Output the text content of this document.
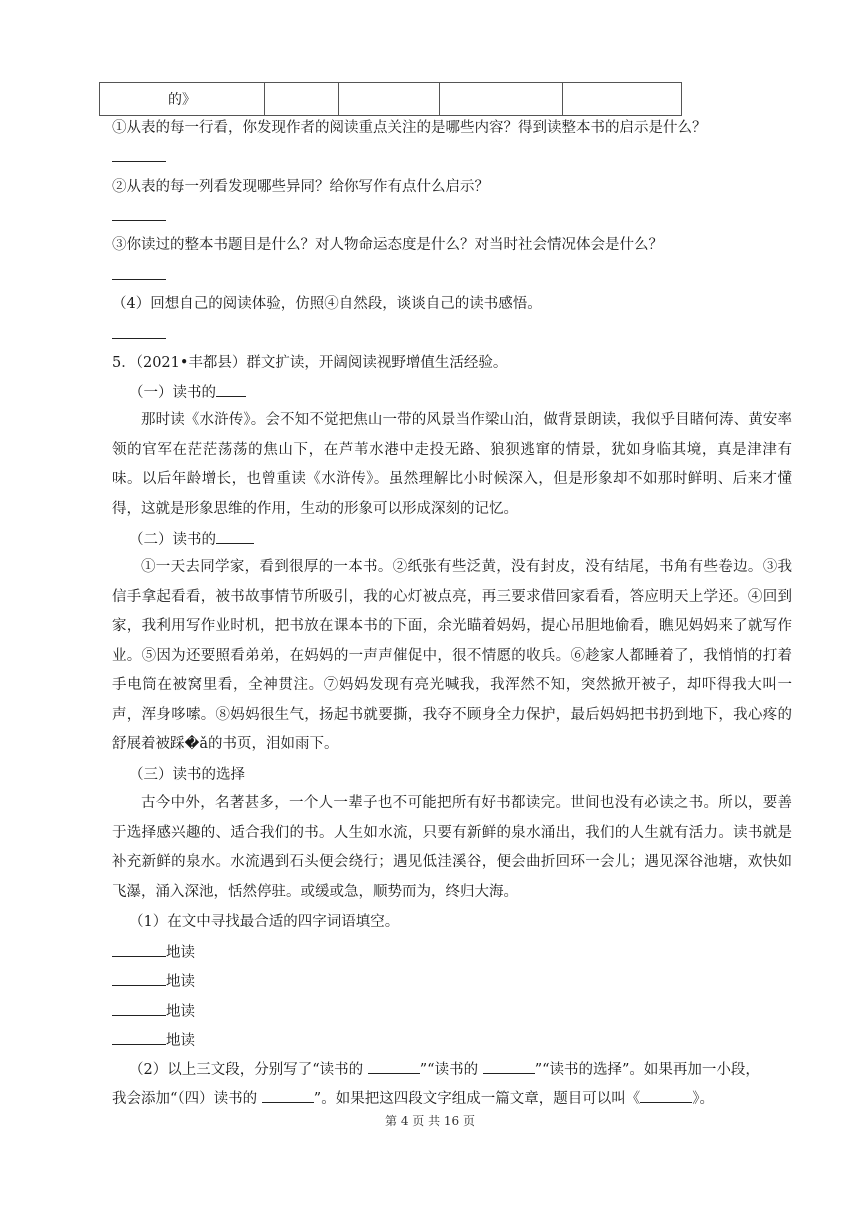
的》				
①从表的每一行看，你发现作者的阅读重点关注的是哪些内容？得到读整本书的启示是什么？
②从表的每一列看发现哪些异同？给你写作有点什么启示？
③你读过的整本书题目是什么？对人物命运态度是什么？对当时社会情况体会是什么？
（4）回想自己的阅读体验，仿照④自然段，谈谈自己的读书感悟。
5．（2021•丰都县）群文扩读，开阔阅读视野增值生活经验。
（一）读书的
那时读《水浒传》。会不知不觉把焦山一带的风景当作梁山泊，做背景朗读，我似乎目睹何涛、黄安率领的官军在茫茫荡荡的焦山下，在芦苇水港中走投无路、狼狈逃窜的情景，犹如身临其境，真是津津有味。以后年龄增长，也曾重读《水浒传》。虽然理解比小时候深入，但是形象却不如那时鲜明、后来才懂得，这就是形象思维的作用，生动的形象可以形成深刻的记忆。
（二）读书的
①一天去同学家，看到很厚的一本书。②纸张有些泛黄，没有封皮，没有结尾，书角有些卷边。③我信手拿起看看，被书故事情节所吸引，我的心灯被点亮，再三要求借回家看看，答应明天上学还。④回到家，我利用写作业时机，把书放在课本书的下面，余光瞄着妈妈，提心吊胆地偷看，瞧见妈妈来了就写作业。⑤因为还要照看弟弟，在妈妈的一声声催促中，很不情愿的收兵。⑥趁家人都睡着了，我悄悄的打着手电筒在被窝里看，全神贯注。⑦妈妈发现有亮光喊我，我浑然不知，突然掀开被子，却吓得我大叫一声，浑身哆嗦。⑧妈妈很生气，扬起书就要撕，我夺不顾身全力保护，最后妈妈把书扔到地下，我心疼的舒展着被踩�ǎ的书页，泪如雨下。
（三）读书的选择
古今中外，名著甚多，一个人一辈子也不可能把所有好书都读完。世间也没有必读之书。所以，要善于选择感兴趣的、适合我们的书。人生如水流，只要有新鲜的泉水涌出，我们的人生就有活力。读书就是补充新鲜的泉水。水流遇到石头便会绕行；遇见低洼溪谷，便会曲折回环一会儿；遇见深谷池塘，欢快如飞瀑，涌入深池，恬然停驻。或缓或急，顺势而为，终归大海。
（1）在文中寻找最合适的四字词语填空。
地读
地读
地读
地读
（2）以上三文段，分别写了“读书的	”“读书的	”“读书的选择”。如果再加一小段，
我会添加“（四）读书的	”。如果把这四段文字组成一篇文章，题目可以叫《	》。
第 4 页 共 16 页
